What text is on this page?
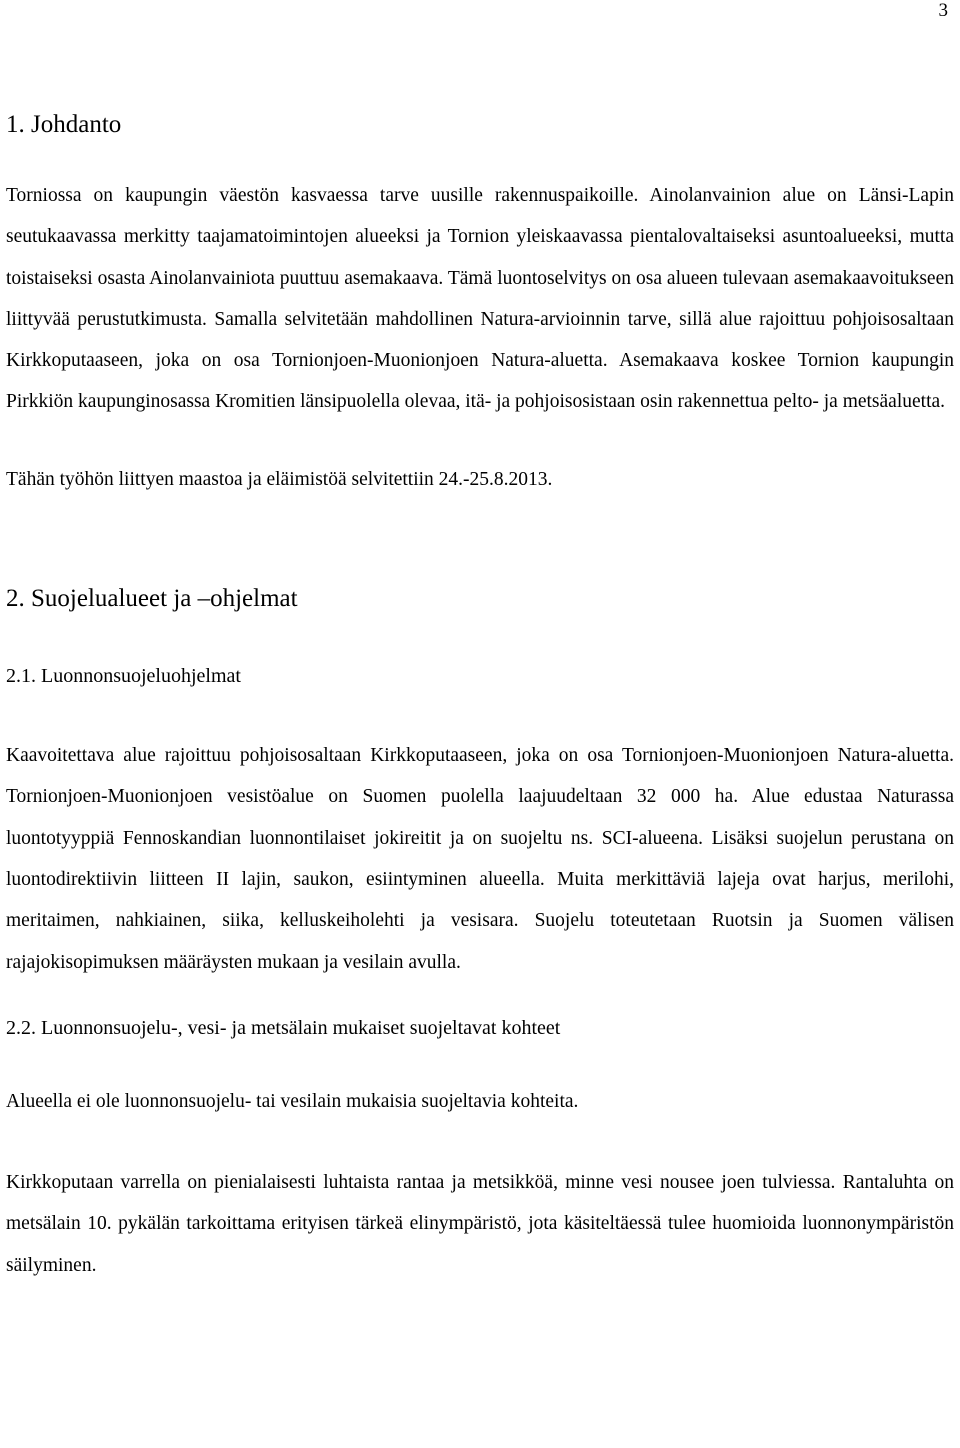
3
1. Johdanto

Torniossa on kaupungin väestön kasvaessa tarve uusille rakennuspaikoille. Ainolanvainion alue on Länsi-Lapin seutukaavassa merkitty taajamatoimintojen alueeksi ja Tornion yleiskaavassa pientalovaltaiseksi asuntoalueeksi, mutta toistaiseksi osasta Ainolanvainiota puuttuu asemakaava. Tämä luontoselvitys on osa alueen tulevaan asemakaavoitukseen liittyvää perustutkimusta. Samalla selvitetään mahdollinen Natura-arvioinnin tarve, sillä alue rajoittuu pohjoisosaltaan Kirkkoputaaseen, joka on osa Tornionjoen-Muonionjoen Natura-aluetta. Asemakaava koskee Tornion kaupungin Pirkkiön kaupunginosassa Kromitien länsipuolella olevaa, itä- ja pohjoisosistaan osin rakennettua pelto- ja metsäaluetta.

Tähän työhön liittyen maastoa ja eläimistöä selvitettiin 24.-25.8.2013.

2. Suojelualueet ja –ohjelmat
2.1. Luonnonsuojeluohjelmat

Kaavoitettava alue rajoittuu pohjoisosaltaan Kirkkoputaaseen, joka on osa Tornionjoen-Muonionjoen Natura-aluetta. Tornionjoen-Muonionjoen vesistöalue on Suomen puolella laajuudeltaan 32 000 ha. Alue edustaa Naturassa luontotyyppiä Fennoskandian luonnontilaiset jokireitit ja on suojeltu ns. SCI-alueena. Lisäksi suojelun perustana on luontodirektiivin liitteen II lajin, saukon, esiintyminen alueella. Muita merkittäviä lajeja ovat harjus, merilohi, meritaimen, nahkiainen, siika, kelluskeiholehti ja vesisara. Suojelu toteutetaan Ruotsin ja Suomen välisen rajajokisopimuksen määräysten mukaan ja vesilain avulla.

2.2. Luonnonsuojelu-, vesi- ja metsälain mukaiset suojeltavat kohteet

Alueella ei ole luonnonsuojelu- tai vesilain mukaisia suojeltavia kohteita.

Kirkkoputaan varrella on pienialaisesti luhtaista rantaa ja metsikköä, minne vesi nousee joen tulviessa. Rantaluhta on metsälain 10. pykälän tarkoittama erityisen tärkeä elinympäristö, jota käsiteltäessä tulee huomioida luonnonympäristön säilyminen.
